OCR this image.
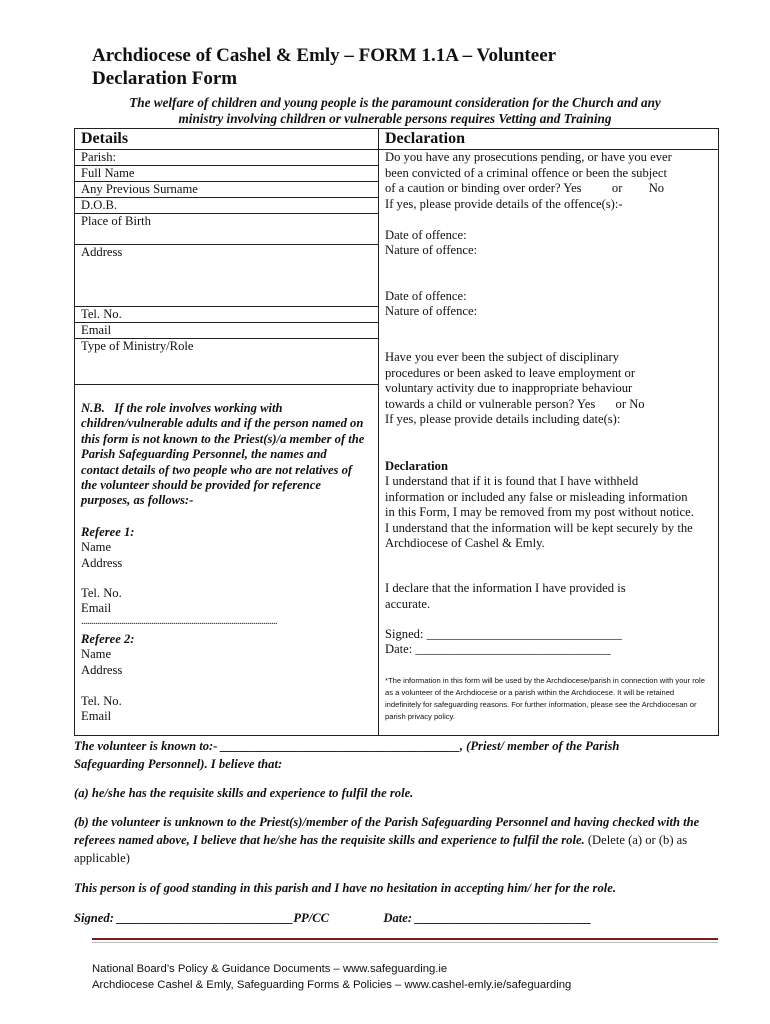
Archdiocese of Cashel & Emly – FORM 1.1A – Volunteer
Declaration Form
The welfare of children and young people is the paramount consideration for the Church and any
ministry involving children or vulnerable persons requires Vetting and Training
Details
Parish:
Full Name
Any Previous Surname
D.O.B.
Place of Birth
Address
Tel. No.
Email
Type of Ministry/Role
N.B. If the role involves working with children/vulnerable adults and if the person named on this form is not known to the Priest(s)/a member of the Parish Safeguarding Personnel, the names and contact details of two people who are not relatives of the volunteer should be provided for reference purposes, as follows:-
Referee 1:
Name
Address
Tel. No.
Email
..................................................................................................
Referee 2:
Name
Address
Tel. No.
Email
Declaration
Do you have any prosecutions pending, or have you ever
been convicted of a criminal offence or been the subject
of a caution or binding over order? Yes or No
If yes, please provide details of the offence(s):-
Date of offence:
Nature of offence:
Date of offence:
Nature of offence:
Have you ever been the subject of disciplinary
procedures or been asked to leave employment or
voluntary activity due to inappropriate behaviour
towards a child or vulnerable person? Yes or No
If yes, please provide details including date(s):
Declaration
I understand that if it is found that I have withheld information or included any false or misleading information in this Form, I may be removed from my post without notice. I understand that the information will be kept securely by the Archdiocese of Cashel & Emly.
I declare that the information I have provided is accurate.
Signed: _______________________________
Date: _______________________________
*The information in this form will be used by the Archdiocese/parish in connection with your role as a volunteer of the Archdiocese or a parish within the Archdiocese. It will be retained indefinitely for safeguarding reasons. For further information, please see the Archdiocesan or parish privacy policy.
The volunteer is known to:- ______________________________________, (Priest/ member of the Parish
Safeguarding Personnel). I believe that:
(a) he/she has the requisite skills and experience to fulfil the role.
(b) the volunteer is unknown to the Priest(s)/member of the Parish Safeguarding Personnel and having checked with the referees named above, I believe that he/she has the requisite skills and experience to fulfil the role. (Delete (a) or (b) as applicable)
This person is of good standing in this parish and I have no hesitation in accepting him/ her for the role.
Signed: ____________________________PP/CC	Date: ____________________________
National Board’s Policy & Guidance Documents – www.safeguarding.ie
Archdiocese Cashel & Emly, Safeguarding Forms & Policies – www.cashel-emly.ie/safeguarding
